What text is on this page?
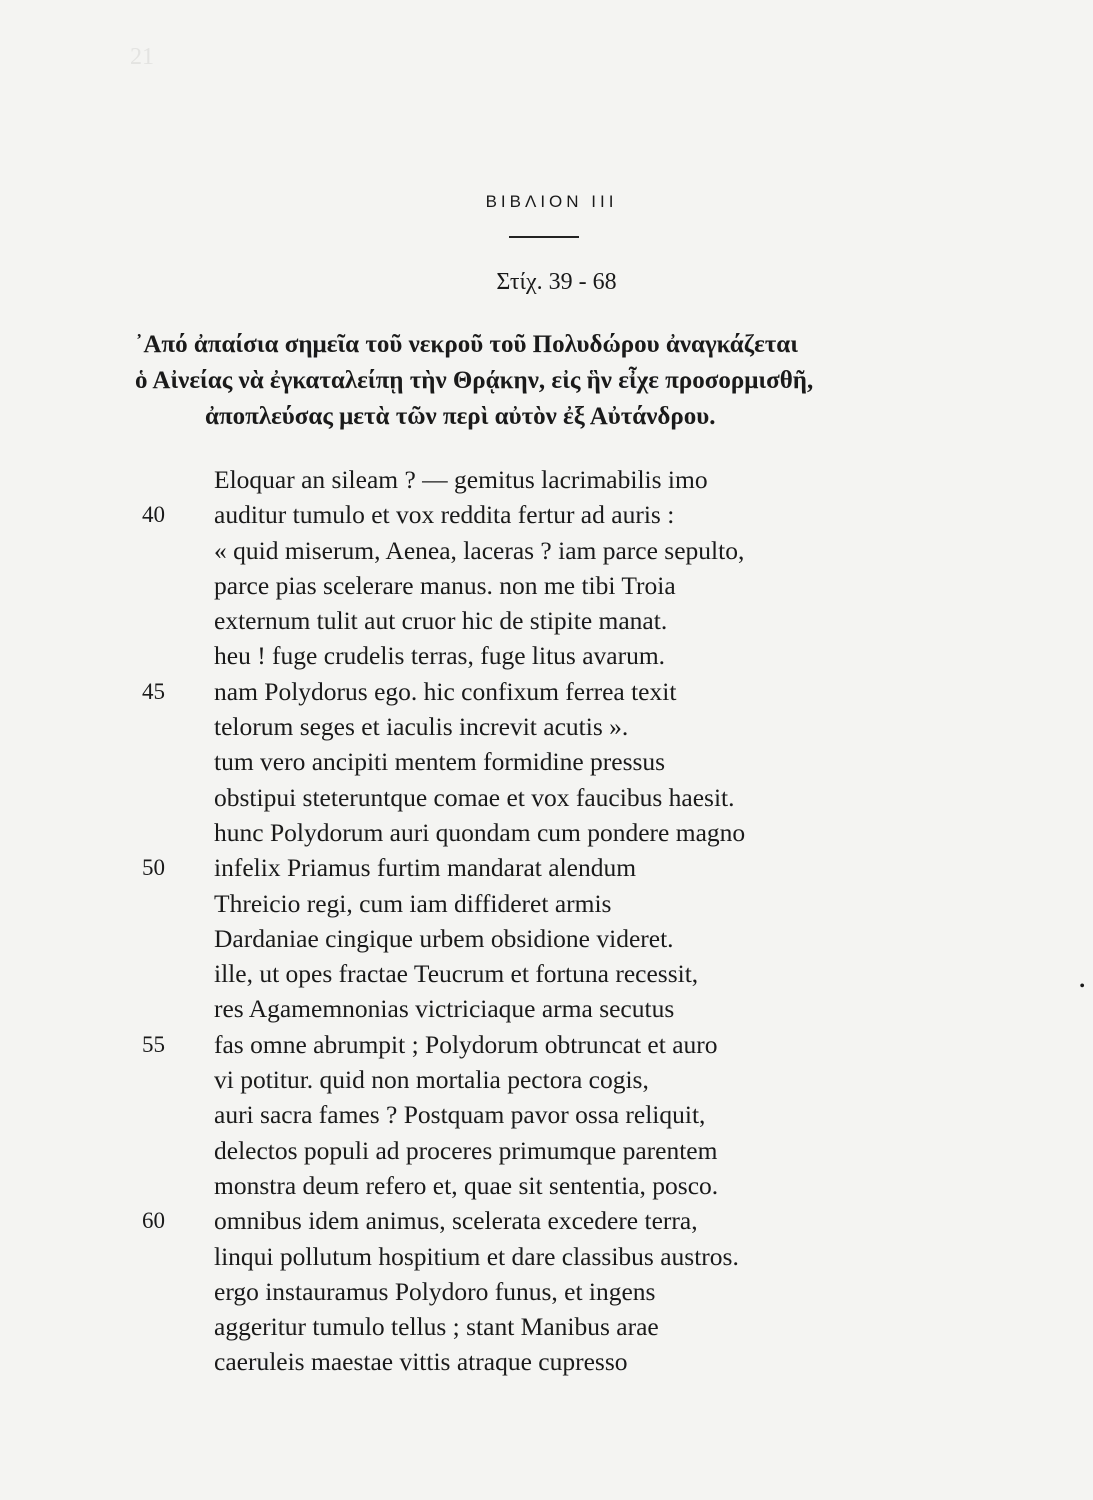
21
ΒΙΒΛΙΟΝ ΙΙΙ
Στίχ. 39 - 68
᾿Από ἀπαίσια σημεῖα τοῦ νεκροῦ τοῦ Πολυδώρου ἀναγκάζεται
ὁ Αἰνείας νὰ ἐγκαταλείπῃ τὴν Θρᾴκην, εἰς ἣν εἶχε προσορμισθῆ,
ἀποπλεύσας μετὰ τῶν περὶ αὐτὸν ἐξ Αὐτάνδρου.
Eloquar an sileam ? — gemitus lacrimabilis imo
40	auditur tumulo et vox reddita fertur ad auris :
« quid miserum, Aenea, laceras ? iam parce sepulto,
parce pias scelerare manus. non me tibi Troia
externum tulit aut cruor hic de stipite manat.
heu ! fuge crudelis terras, fuge litus avarum.
45	nam Polydorus ego. hic confixum ferrea texit
telorum seges et iaculis increvit acutis ».
tum vero ancipiti mentem formidine pressus
obstipui steteruntque comae et vox faucibus haesit.
hunc Polydorum auri quondam cum pondere magno
50	infelix Priamus furtim mandarat alendum
Threicio regi, cum iam diffideret armis
Dardaniae cingique urbem obsidione videret.
ille, ut opes fractae Teucrum et fortuna recessit,
res Agamemnonias victriciaque arma secutus
55	fas omne abrumpit ; Polydorum obtruncat et auro
vi potitur. quid non mortalia pectora cogis,
auri sacra fames ? Postquam pavor ossa reliquit,
delectos populi ad proceres primumque parentem
monstra deum refero et, quae sit sententia, posco.
60	omnibus idem animus, scelerata excedere terra,
linqui pollutum hospitium et dare classibus austros.
ergo instauramus Polydoro funus, et ingens
aggeritur tumulo tellus ; stant Manibus arae
caeruleis maestae vittis atraque cupresso
•
